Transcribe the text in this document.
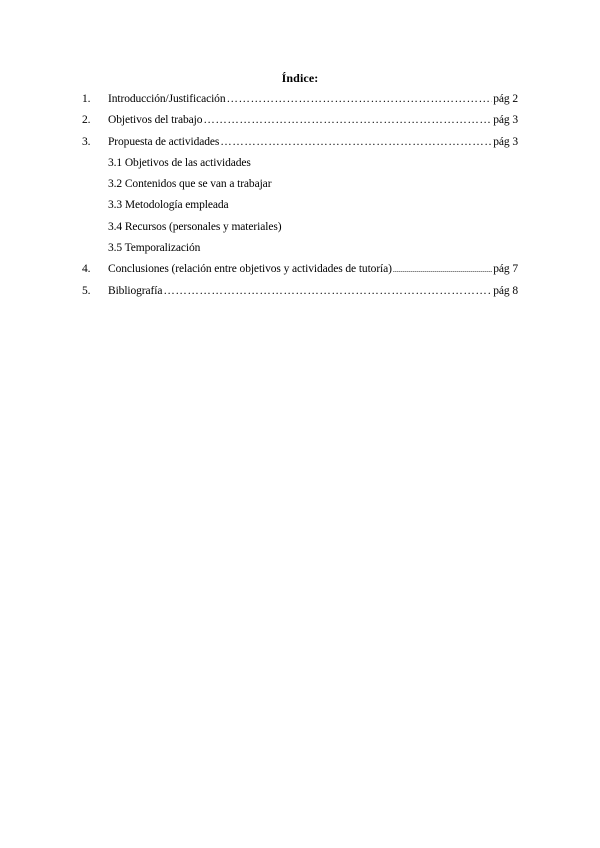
Índice:
1.	Introducción/Justificación ………………………………………………………………………………………………………………………………………………	pág 2
2.	Objetivos del trabajo ………………………………………………………………………………………………………………………………………………	pág 3
3.	Propuesta de actividades ………………………………………………………………………………………………………………………………………………	pág 3
3.1 Objetivos de las actividades
3.2 Contenidos que se van a trabajar
3.3 Metodología empleada
3.4 Recursos (personales y materiales)
3.5 Temporalización
4.	Conclusiones (relación entre objetivos y actividades de tutoría) .....	pág 7
5.	Bibliografía ………………………………………………………………………………………………………………………………………………	pág 8
